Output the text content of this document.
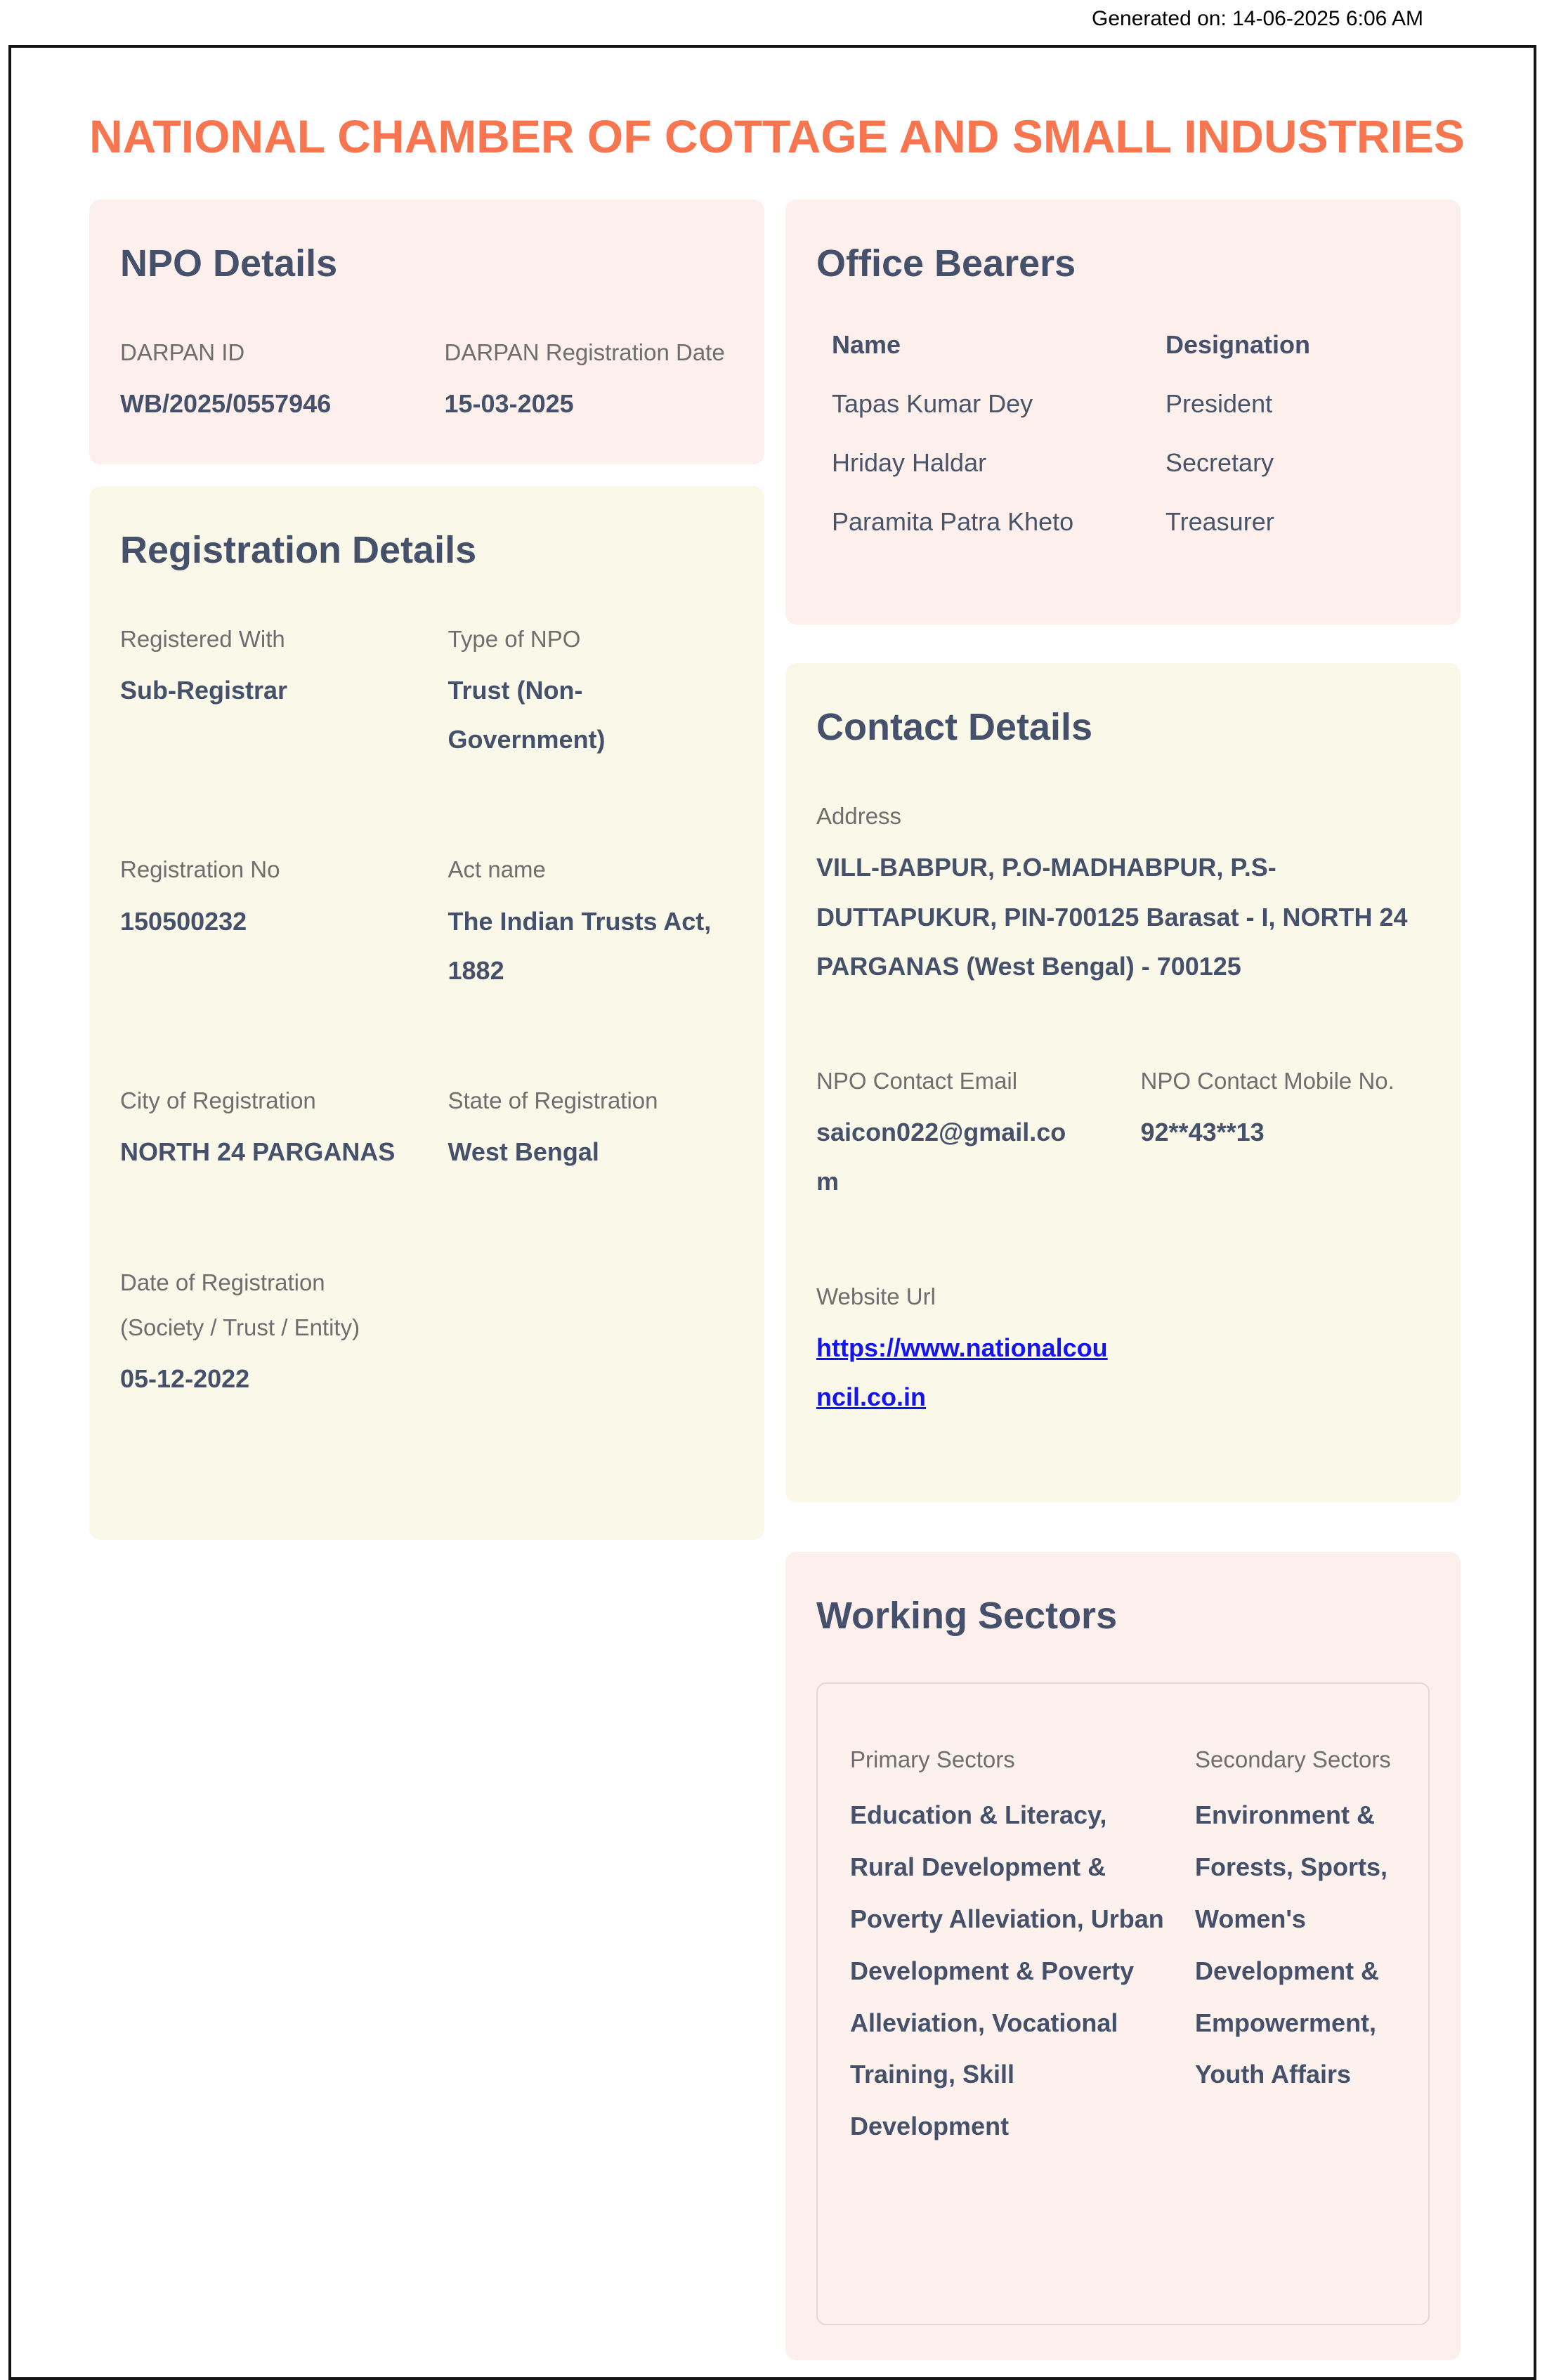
Generated on: 14-06-2025 6:06 AM
NATIONAL CHAMBER OF COTTAGE AND SMALL INDUSTRIES
NPO Details
DARPAN ID
WB/2025/0557946
DARPAN Registration Date
15-03-2025
Registration Details
Registered With
Sub-Registrar
Type of NPO
Trust (Non-Government)
Registration No
150500232
Act name
The Indian Trusts Act, 1882
City of Registration
NORTH 24 PARGANAS
State of Registration
West Bengal
Date of Registration (Society / Trust / Entity)
05-12-2022
Office Bearers
Name	Designation
Tapas Kumar Dey	President
Hriday Haldar	Secretary
Paramita Patra Kheto	Treasurer
Contact Details
Address
VILL-BABPUR, P.O-MADHABPUR, P.S-DUTTAPUKUR, PIN-700125 Barasat - I, NORTH 24 PARGANAS (West Bengal) - 700125
NPO Contact Email
saicon022@gmail.com
NPO Contact Mobile No.
92**43**13
Website Url
https://www.nationalcouncil.co.in
Working Sectors
Primary Sectors
Education & Literacy, Rural Development & Poverty Alleviation, Urban Development & Poverty Alleviation, Vocational Training, Skill Development
Secondary Sectors
Environment & Forests, Sports, Women's Development & Empowerment, Youth Affairs
